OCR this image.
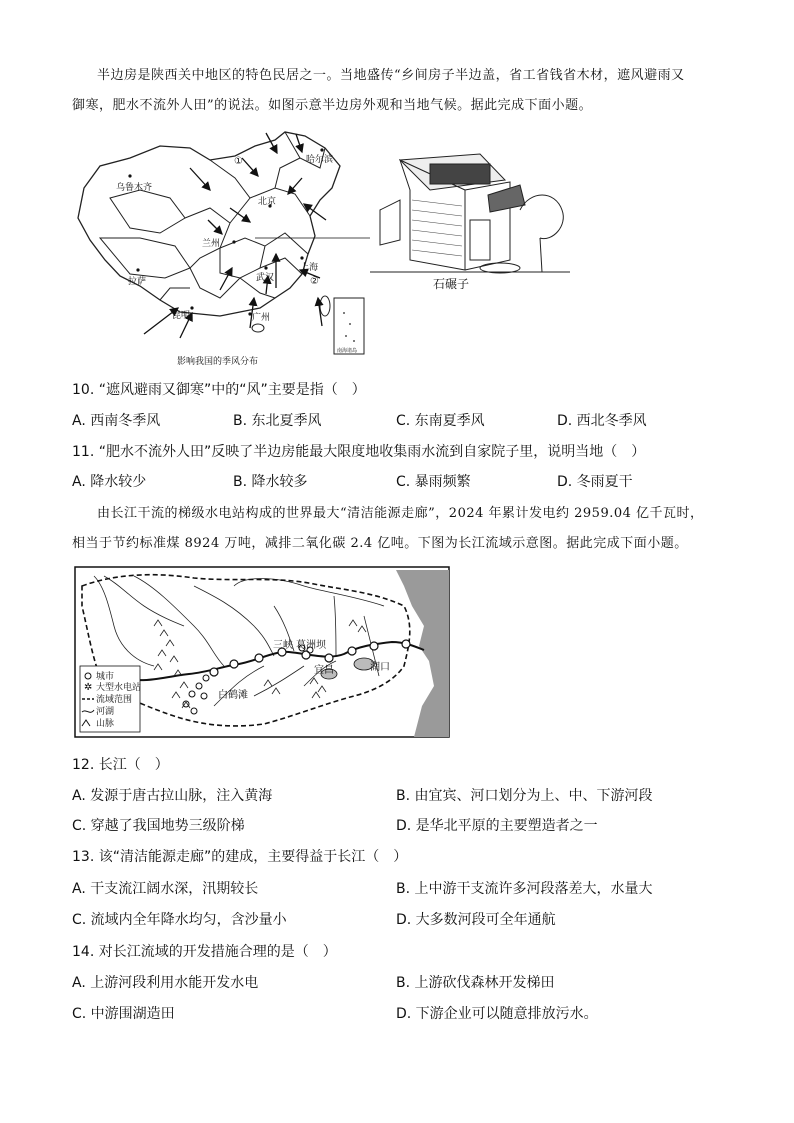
半边房是陕西关中地区的特色民居之一。当地盛传“乡间房子半边盖，省工省钱省木材，遮风避雨又
御寒，肥水不流外人田”的说法。如图示意半边房外观和当地气候。据此完成下面小题。
南海诸岛
哈尔滨
乌鲁木齐
北京
兰州
武汉
上海
拉萨
昆明	广州
①
②
影响我国的季风分布
石碾子
10. “遮风避雨又御寒”中的“风”主要是指（　）
A. 西南冬季风	B. 东北夏季风	C. 东南夏季风	D. 西北冬季风
11. “肥水不流外人田”反映了半边房能最大限度地收集雨水流到自家院子里，说明当地（　）
A. 降水较少	B. 降水较多	C. 暴雨频繁	D. 冬雨夏干
由长江干流的梯级水电站构成的世界最大“清洁能源走廊”，2024 年累计发电约 2959.04 亿千瓦时，
相当于节约标准煤 8924 万吨，减排二氧化碳 2.4 亿吨。下图为长江流域示意图。据此完成下面小题。
三峡 葛洲坝
宜昌	湖口
白鹤滩
城市
✲ 大型水电站
流域范围
河湖
山脉
12. 长江（　）
A. 发源于唐古拉山脉，注入黄海	B. 由宜宾、河口划分为上、中、下游河段
C. 穿越了我国地势三级阶梯	D. 是华北平原的主要塑造者之一
13. 该“清洁能源走廊”的建成，主要得益于长江（　）
A. 干支流江阔水深，汛期较长	B. 上中游干支流许多河段落差大，水量大
C. 流域内全年降水均匀，含沙量小	D. 大多数河段可全年通航
14. 对长江流域的开发措施合理的是（　）
A. 上游河段利用水能开发水电	B. 上游砍伐森林开发梯田
C. 中游围湖造田	D. 下游企业可以随意排放污水。
